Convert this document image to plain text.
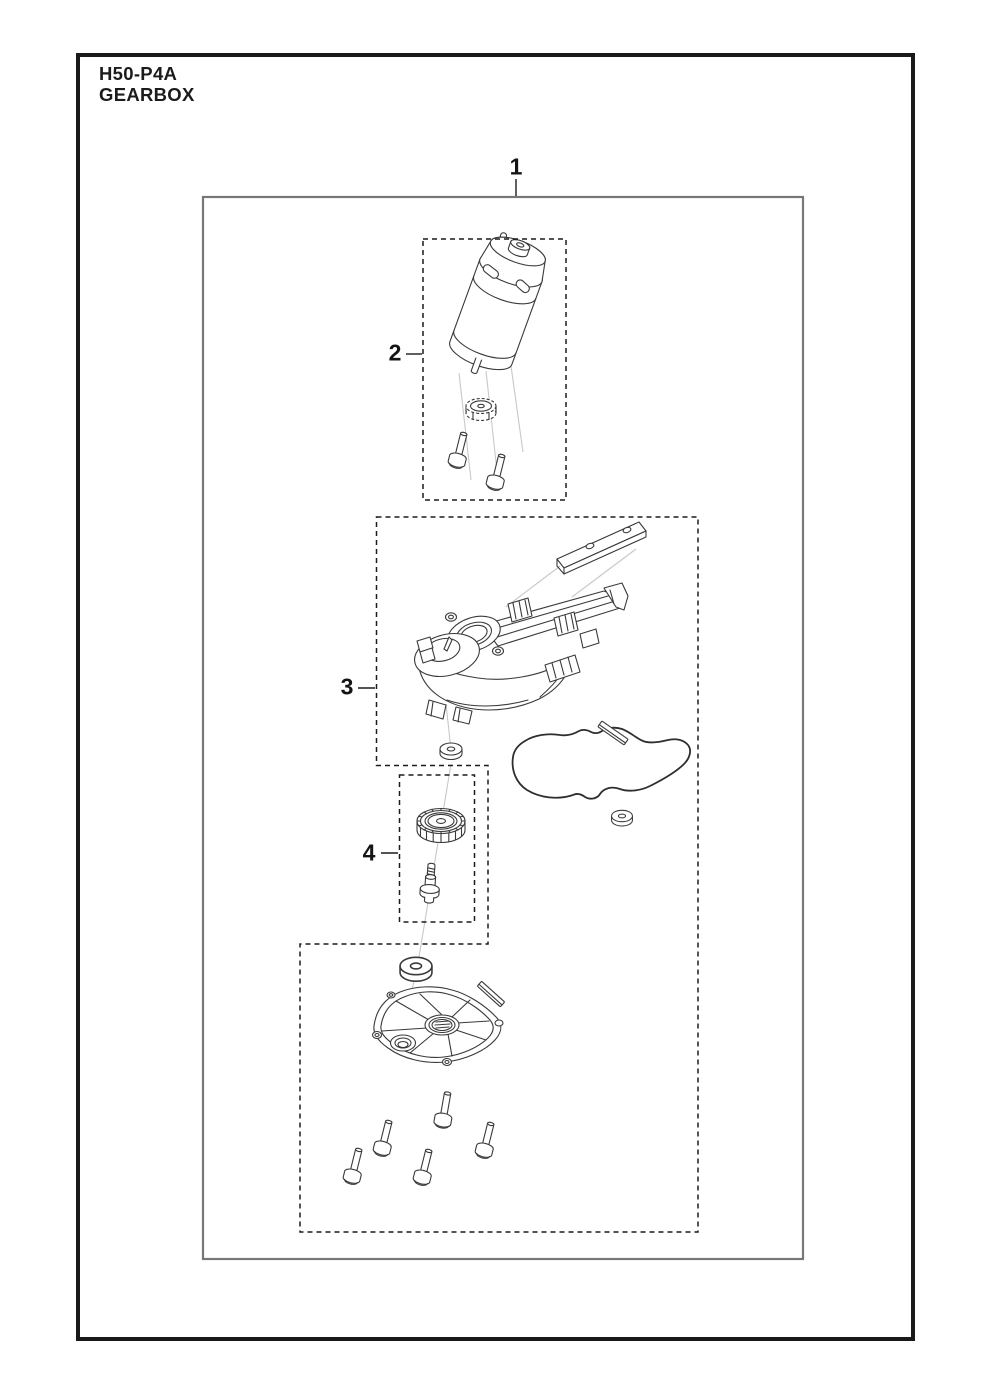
H50-P4A
GEARBOX
1
2
3
4
